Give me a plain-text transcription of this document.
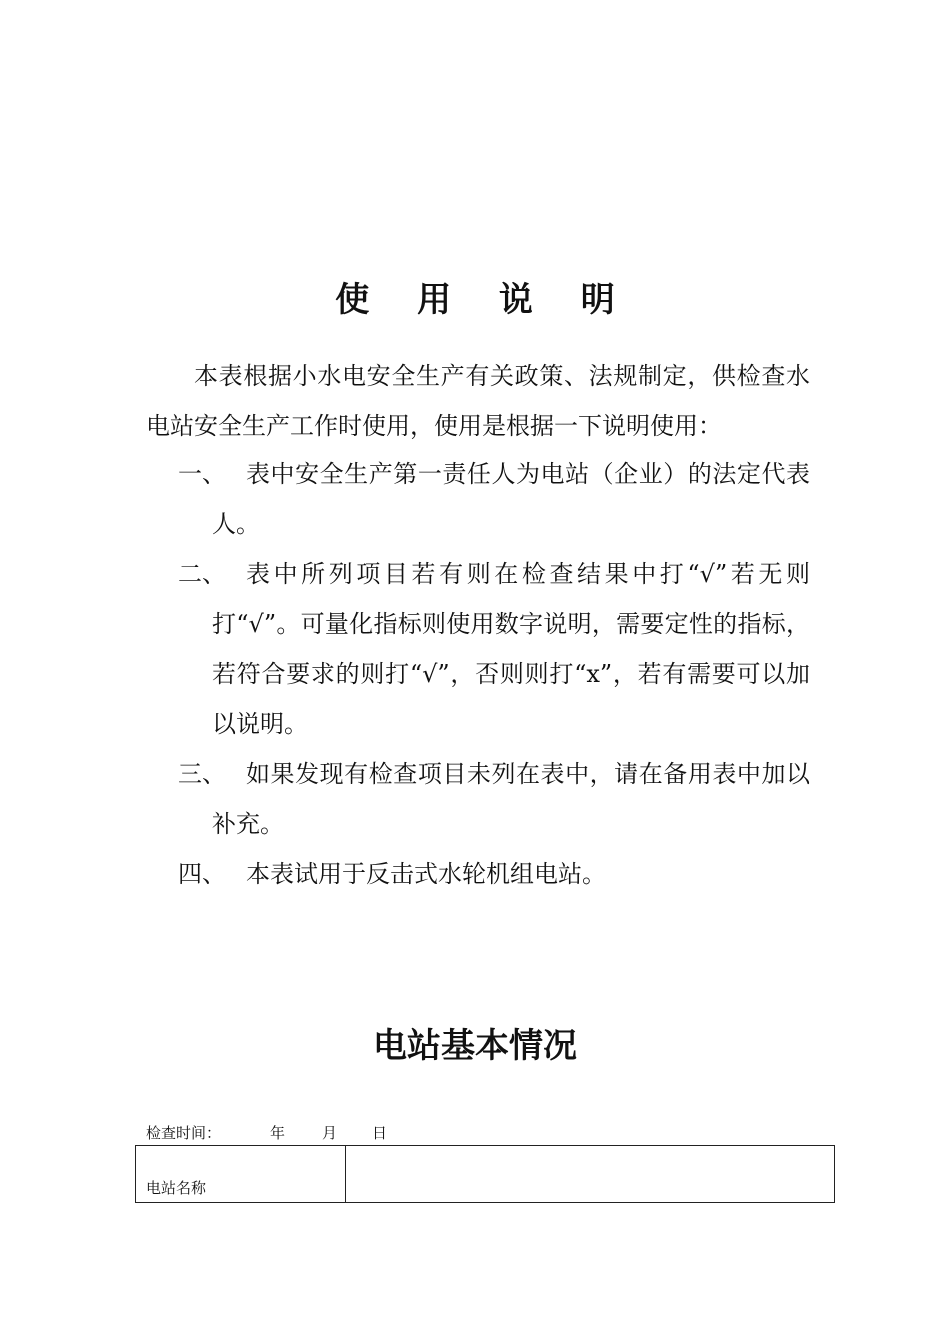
使 用 说 明

本表根据小水电安全生产有关政策、法规制定，供检查水电站安全生产工作时使用，使用是根据一下说明使用：

一、 表中安全生产第一责任人为电站（企业）的法定代表人。
二、 表中所列项目若有则在检查结果中打“√”若无则打“√”。可量化指标则使用数字说明，需要定性的指标，若符合要求的则打“√”，否则则打“x”，若有需要可以加以说明。
三、 如果发现有检查项目未列在表中，请在备用表中加以补充。
四、 本表试用于反击式水轮机组电站。
电站基本情况
检查时间：	年 月 日
电站名称	
